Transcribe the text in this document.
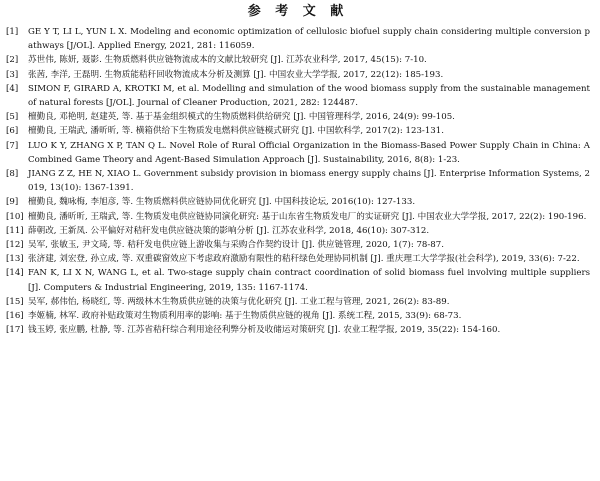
参 考 文 献
[1]	GE Y T, LI L, YUN L X. Modeling and economic optimization of cellulosic biofuel supply chain considering multiple conversion pathways [J/OL]. Applied Energy, 2021, 281: 116059.
[2]	苏世伟, 陈妍, 聂影. 生物质燃料供应链物流成本的文献比较研究 [J]. 江苏农业科学, 2017, 45(15): 7-10.
[3]	张茜, 李洋, 王磊明. 生物质能秸秆回收物流成本分析及测算 [J]. 中国农业大学学报, 2017, 22(12): 185-193.
[4]	SIMON F, GIRARD A, KROTKI M, et al. Modelling and simulation of the wood biomass supply from the sustainable management of natural forests [J/OL]. Journal of Cleaner Production, 2021, 282: 124487.
[5]	檀勤良, 邓艳明, 赵建英, 等. 基于基金组织模式的生物质燃料供给研究 [J]. 中国管理科学, 2016, 24(9): 99-105.
[6]	檀勤良, 王瑞武, 潘昕昕, 等. 横箱供给下生物质发电燃料供应链模式研究 [J]. 中国软科学, 2017(2): 123-131.
[7]	LUO K Y, ZHANG X P, TAN Q L. Novel Role of Rural Official Organization in the Biomass-Based Power Supply Chain in China: A Combined Game Theory and Agent-Based Simulation Approach [J]. Sustainability, 2016, 8(8): 1-23.
[8]	JIANG Z Z, HE N, XIAO L. Government subsidy provision in biomass energy supply chains [J]. Enterprise Information Systems, 2019, 13(10): 1367-1391.
[9]	檀勤良, 魏咏梅, 李旭彦, 等. 生物质燃料供应链协同优化研究 [J]. 中国科技论坛, 2016(10): 127-133.
[10] 檀勤良, 潘昕昕, 王瑞武, 等. 生物质发电供应链协同演化研究: 基于山东省生物质发电厂的实证研究 [J]. 中国农业大学学报, 2017, 22(2): 190-196.
[11] 薛朝改, 王新凤. 公平偏好对秸秆发电供应链决策的影响分析 [J]. 江苏农业科学, 2018, 46(10): 307-312.
[12] 吴军, 张敏玉, 尹文琦, 等. 秸秆发电供应链上游收集与采购合作契约设计 [J]. 供应链管理, 2020, 1(7): 78-87.
[13] 张济建, 刘宏登, 孙立成, 等. 双重碳窗效应下考虑政府激励有限性的秸秆绿色处理协同机制 [J]. 重庆理工大学学报(社会科学), 2019, 33(6): 7-22.
[14] FAN K, LI X N, WANG L, et al. Two-stage supply chain contract coordination of solid biomass fuel involving multiple suppliers [J]. Computers & Industrial Engineering, 2019, 135: 1167-1174.
[15] 吴军, 郝伟怡, 杨晓红, 等. 两级林木生物质供应链的决策与优化研究 [J]. 工业工程与管理, 2021, 26(2): 83-89.
[16] 李姬楠, 林军. 政府补贴政策对生物质利用率的影响: 基于生物质供应链的视角 [J]. 系统工程, 2015, 33(9): 68-73.
[17] 钱玉婷, 张应鹏, 杜静, 等. 江苏省秸秆综合利用途径利弊分析及收储运对策研究 [J]. 农业工程学报, 2019, 35(22): 154-160.
